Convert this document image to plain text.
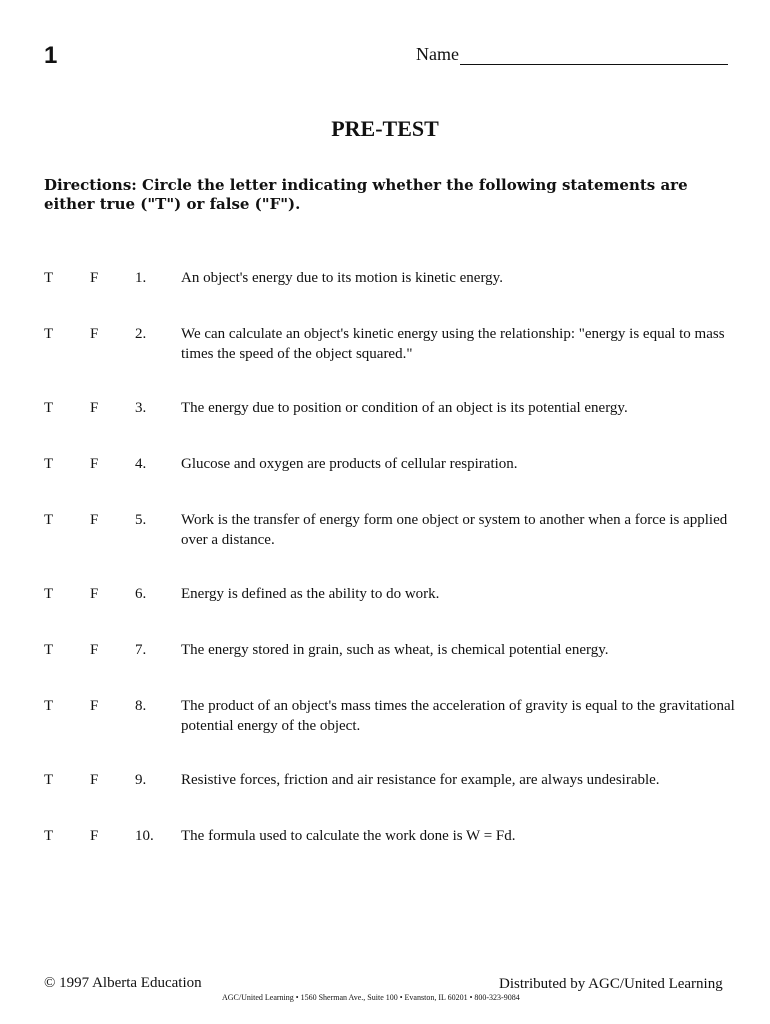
1	Name
PRE-TEST
Directions: Circle the letter indicating whether the following statements are either true ("T") or false ("F").
T F 1. An object's energy due to its motion is kinetic energy.
T F 2. We can calculate an object's kinetic energy using the relationship: "energy is equal to mass times the speed of the object squared."
T F 3. The energy due to position or condition of an object is its potential energy.
T F 4. Glucose and oxygen are products of cellular respiration.
T F 5. Work is the transfer of energy form one object or system to another when a force is applied over a distance.
T F 6. Energy is defined as the ability to do work.
T F 7. The energy stored in grain, such as wheat, is chemical potential energy.
T F 8. The product of an object's mass times the acceleration of gravity is equal to the gravitational potential energy of the object.
T F 9. Resistive forces, friction and air resistance for example, are always undesirable.
T F 10. The formula used to calculate the work done is W = Fd.
© 1997 Alberta Education	Distributed by AGC/United Learning
AGC/United Learning • 1560 Sherman Ave., Suite 100 • Evanston, IL 60201 • 800-323-9084
